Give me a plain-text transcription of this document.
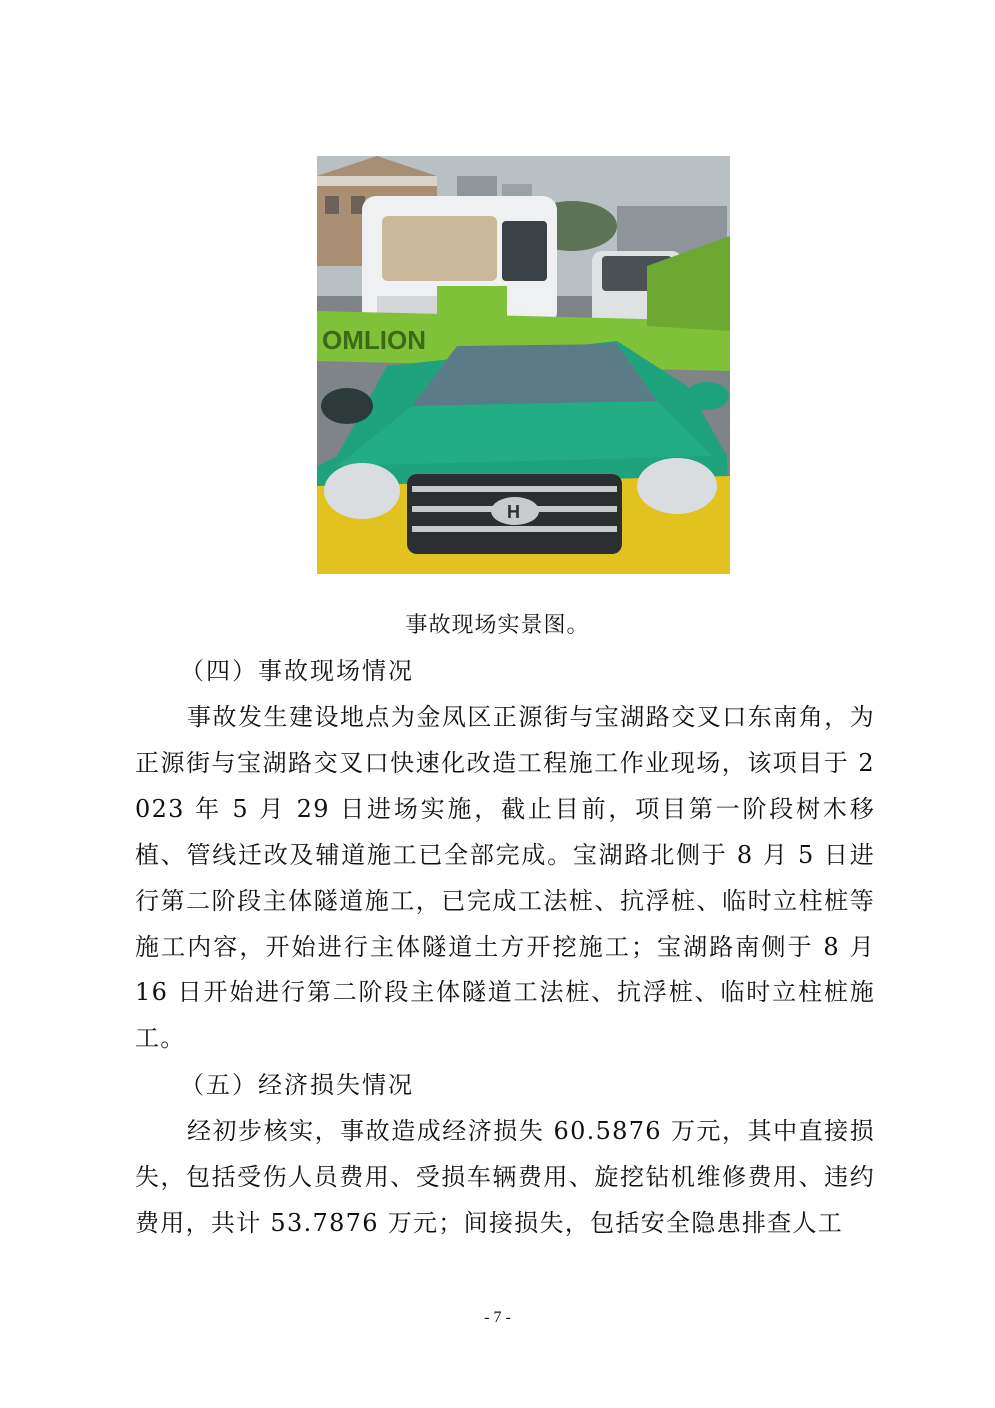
OMLION
H
事故现场实景图。
（四）事故现场情况
事故发生建设地点为金凤区正源街与宝湖路交叉口东南角，为正源街与宝湖路交叉口快速化改造工程施工作业现场，该项目于 2023 年 5 月 29 日进场实施，截止目前，项目第一阶段树木移植、管线迁改及辅道施工已全部完成。宝湖路北侧于 8 月 5 日进行第二阶段主体隧道施工，已完成工法桩、抗浮桩、临时立柱桩等施工内容，开始进行主体隧道土方开挖施工；宝湖路南侧于 8 月 16 日开始进行第二阶段主体隧道工法桩、抗浮桩、临时立柱桩施工。
（五）经济损失情况
经初步核实，事故造成经济损失 60.5876 万元，其中直接损失，包括受伤人员费用、受损车辆费用、旋挖钻机维修费用、违约费用，共计 53.7876 万元；间接损失，包括安全隐患排查人工
- 7 -
